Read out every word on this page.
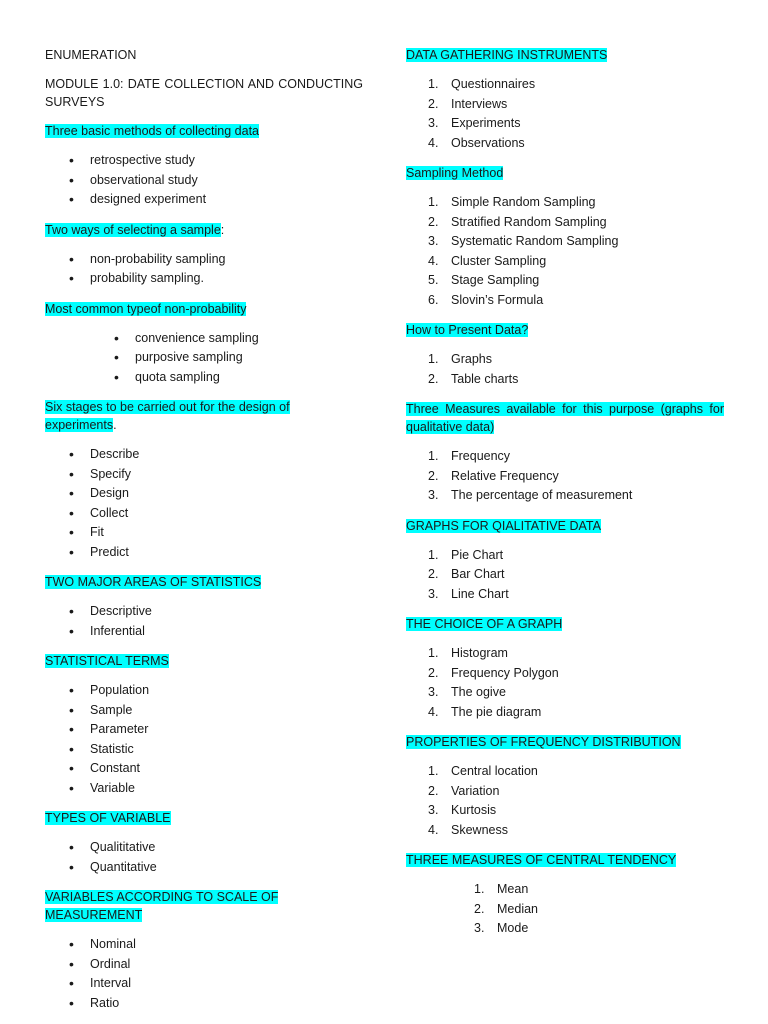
ENUMERATION

MODULE 1.0: DATE COLLECTION AND CONDUCTING SURVEYS

Three basic methods of collecting data

• retrospective study
• observational study
• designed experiment

Two ways of selecting a sample:

• non-probability sampling
• probability sampling.

Most common typeof non-probability

• convenience sampling
• purposive sampling
• quota sampling

Six stages to be carried out for the design of experiments.

• Describe
• Specify
• Design
• Collect
• Fit
• Predict

TWO MAJOR AREAS OF STATISTICS

• Descriptive
• Inferential

STATISTICAL TERMS

• Population
• Sample
• Parameter
• Statistic
• Constant
• Variable

TYPES OF VARIABLE

• Qualititative
• Quantitative

VARIABLES ACCORDING TO SCALE OF MEASUREMENT

• Nominal
• Ordinal
• Interval
• Ratio

DATA GATHERING INSTRUMENTS

1. Questionnaires
2. Interviews
3. Experiments
4. Observations

Sampling Method

1. Simple Random Sampling
2. Stratified Random Sampling
3. Systematic Random Sampling
4. Cluster Sampling
5. Stage Sampling
6. Slovin’s Formula

How to Present Data?

1. Graphs
2. Table charts

Three Measures available for this purpose (graphs for qualitative data)

1. Frequency
2. Relative Frequency
3. The percentage of measurement

GRAPHS FOR QIALITATIVE DATA

1. Pie Chart
2. Bar Chart
3. Line Chart

THE CHOICE OF A GRAPH

1. Histogram
2. Frequency Polygon
3. The ogive
4. The pie diagram

PROPERTIES OF FREQUENCY DISTRIBUTION

1. Central location
2. Variation
3. Kurtosis
4. Skewness

THREE MEASURES OF CENTRAL TENDENCY

1. Mean
2. Median
3. Mode
